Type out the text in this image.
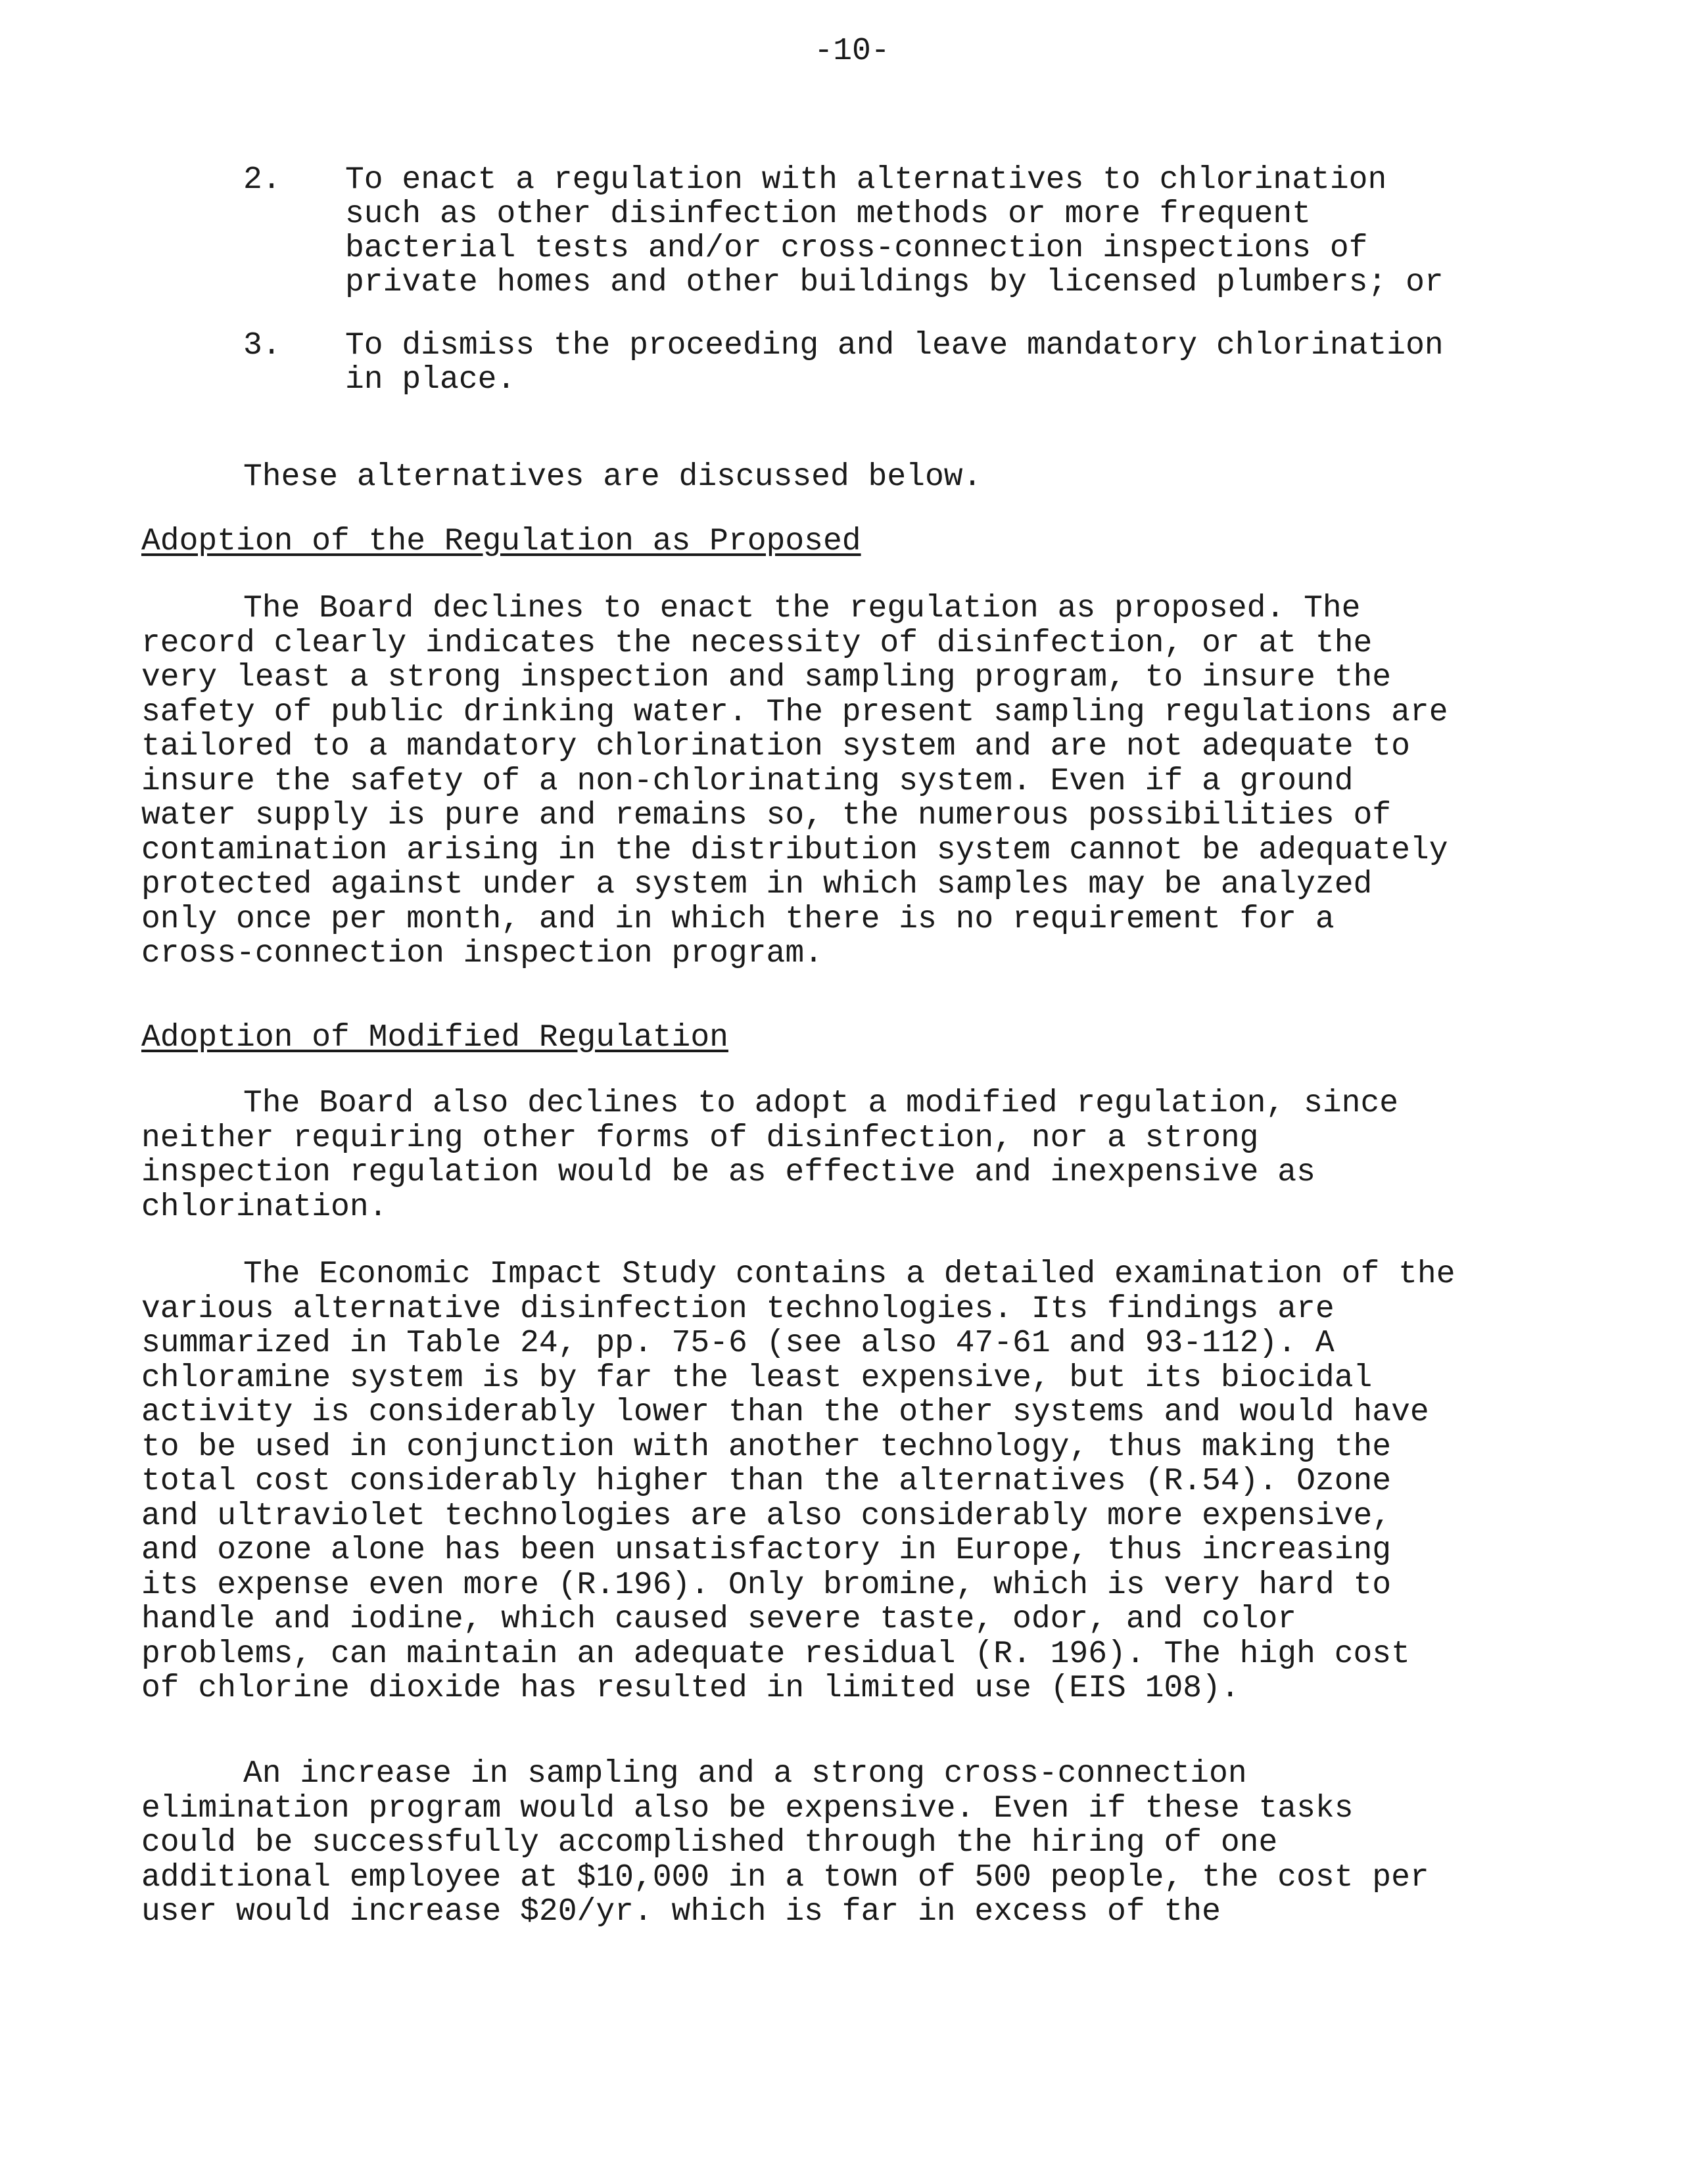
-10-
2. To enact a regulation with alternatives to chlorination such as other disinfection methods or more frequent bacterial tests and/or cross-connection inspections of private homes and other buildings by licensed plumbers; or
3. To dismiss the proceeding and leave mandatory chlorination in place.
These alternatives are discussed below.
Adoption of the Regulation as Proposed
The Board declines to enact the regulation as proposed. The record clearly indicates the necessity of disinfection, or at the very least a strong inspection and sampling program, to insure the safety of public drinking water. The present sampling regulations are tailored to a mandatory chlorination system and are not adequate to insure the safety of a non-chlorinating system. Even if a ground water supply is pure and remains so, the numerous possibilities of contamination arising in the distribution system cannot be adequately protected against under a system in which samples may be analyzed only once per month, and in which there is no requirement for a cross-connection inspection program.
Adoption of Modified Regulation
The Board also declines to adopt a modified regulation, since neither requiring other forms of disinfection, nor a strong inspection regulation would be as effective and inexpensive as chlorination.
The Economic Impact Study contains a detailed examination of the various alternative disinfection technologies. Its findings are summarized in Table 24, pp. 75-6 (see also 47-61 and 93-112). A chloramine system is by far the least expensive, but its biocidal activity is considerably lower than the other systems and would have to be used in conjunction with another technology, thus making the total cost considerably higher than the alternatives (R.54). Ozone and ultraviolet technologies are also considerably more expensive, and ozone alone has been unsatisfactory in Europe, thus increasing its expense even more (R.196). Only bromine, which is very hard to handle and iodine, which caused severe taste, odor, and color problems, can maintain an adequate residual (R. 196). The high cost of chlorine dioxide has resulted in limited use (EIS 108).
An increase in sampling and a strong cross-connection elimination program would also be expensive. Even if these tasks could be successfully accomplished through the hiring of one additional employee at $10,000 in a town of 500 people, the cost per user would increase $20/yr. which is far in excess of the
